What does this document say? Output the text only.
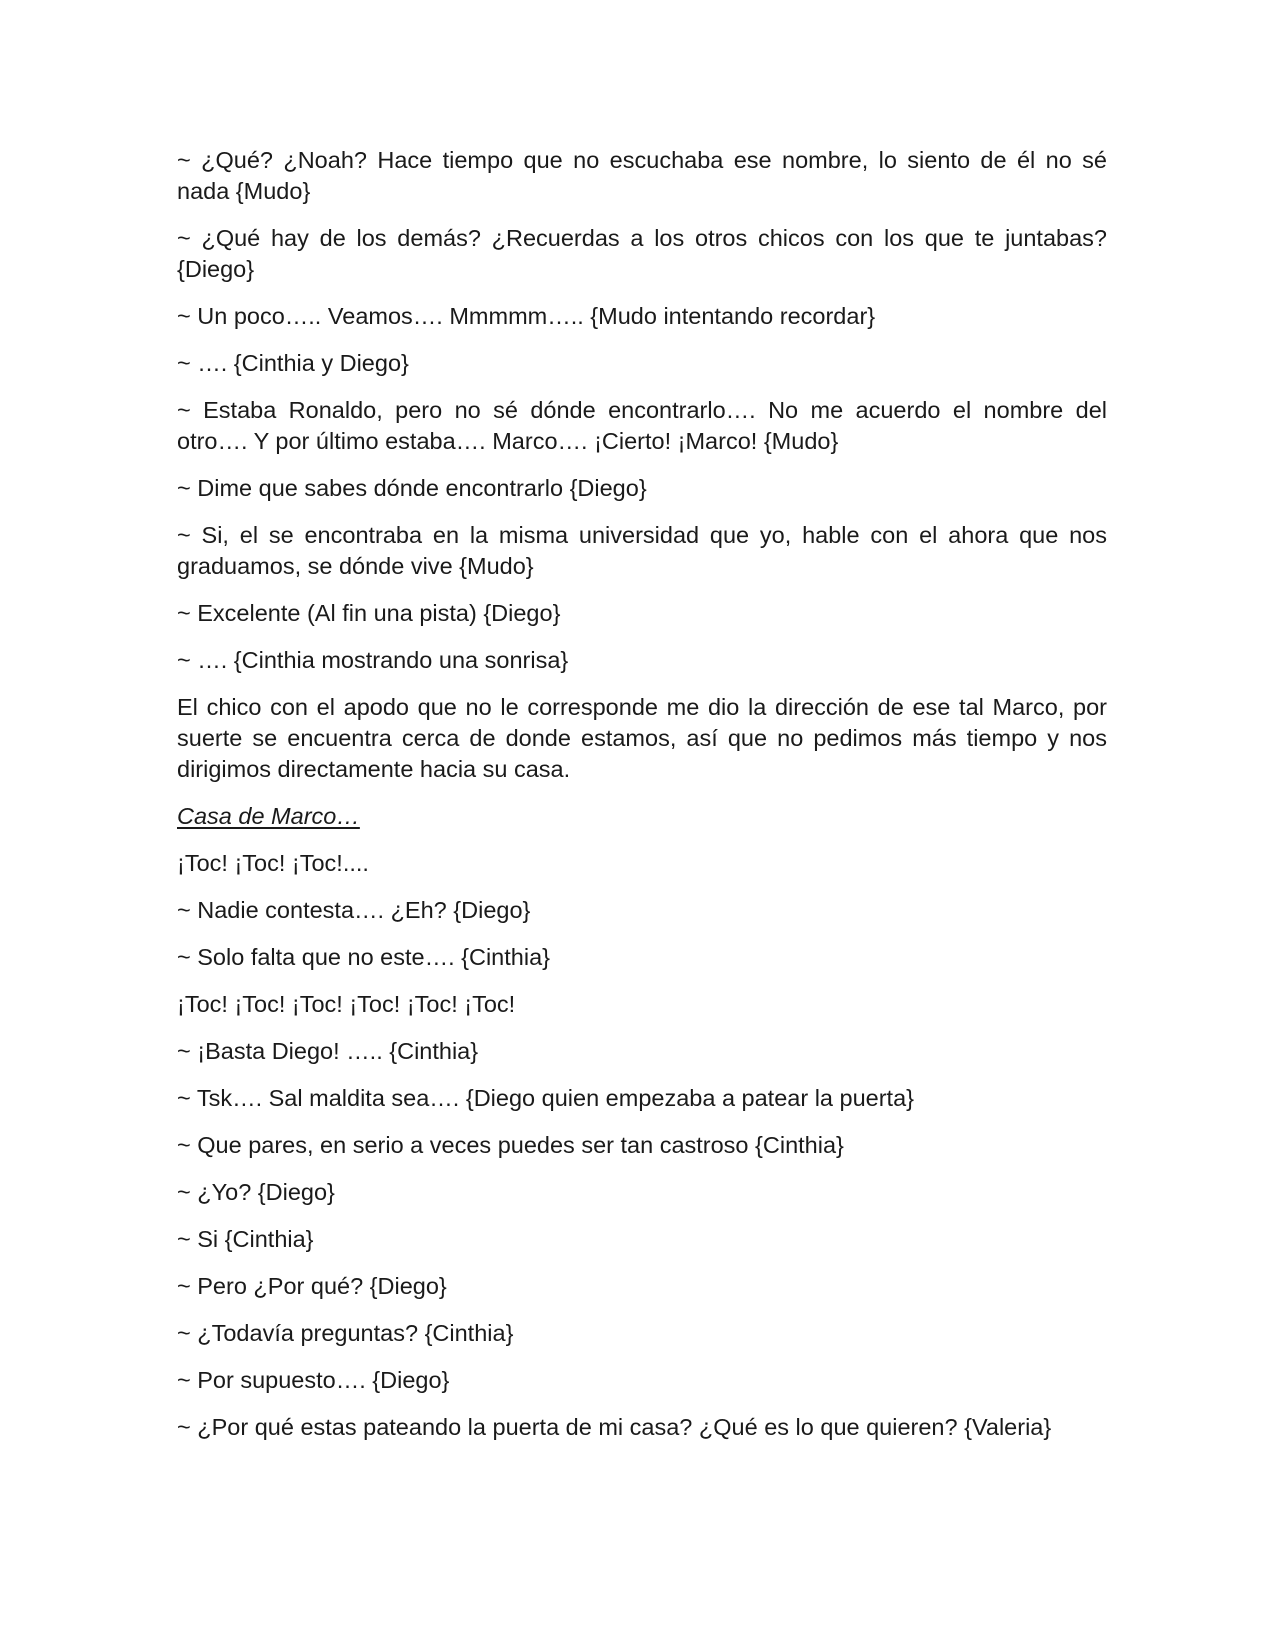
~ ¿Qué? ¿Noah? Hace tiempo que no escuchaba ese nombre, lo siento de él no sé nada {Mudo}

~ ¿Qué hay de los demás? ¿Recuerdas a los otros chicos con los que te juntabas? {Diego}

~ Un poco….. Veamos…. Mmmmm….. {Mudo intentando recordar}

~ …. {Cinthia y Diego}

~ Estaba Ronaldo, pero no sé dónde encontrarlo…. No me acuerdo el nombre del otro…. Y por último estaba…. Marco…. ¡Cierto! ¡Marco! {Mudo}

~ Dime que sabes dónde encontrarlo {Diego}

~ Si, el se encontraba en la misma universidad que yo, hable con el ahora que nos graduamos, se dónde vive {Mudo}

~ Excelente (Al fin una pista) {Diego}

~ …. {Cinthia mostrando una sonrisa}

El chico con el apodo que no le corresponde me dio la dirección de ese tal Marco, por suerte se encuentra cerca de donde estamos, así que no pedimos más tiempo y nos dirigimos directamente hacia su casa.

Casa de Marco…

¡Toc! ¡Toc! ¡Toc!....

~ Nadie contesta…. ¿Eh? {Diego}

~ Solo falta que no este…. {Cinthia}

¡Toc! ¡Toc! ¡Toc! ¡Toc! ¡Toc! ¡Toc!

~ ¡Basta Diego! ….. {Cinthia}

~ Tsk…. Sal maldita sea…. {Diego quien empezaba a patear la puerta}

~ Que pares, en serio a veces puedes ser tan castroso {Cinthia}

~ ¿Yo? {Diego}

~ Si {Cinthia}

~ Pero ¿Por qué? {Diego}

~ ¿Todavía preguntas? {Cinthia}

~ Por supuesto…. {Diego}

~ ¿Por qué estas pateando la puerta de mi casa? ¿Qué es lo que quieren? {Valeria}
